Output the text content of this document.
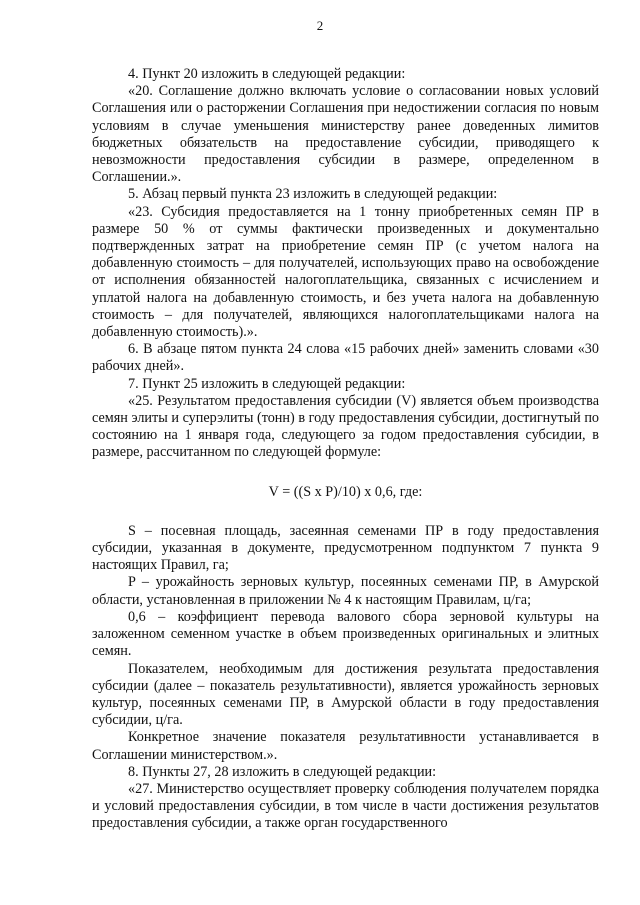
2

4. Пункт 20 изложить в следующей редакции:

«20. Соглашение должно включать условие о согласовании новых условий Соглашения или о расторжении Соглашения при недостижении согласия по новым условиям в случае уменьшения министерству ранее доведенных лимитов бюджетных обязательств на предоставление субсидии, приводящего к невозможности предоставления субсидии в размере, определенном в Соглашении.».

5. Абзац первый пункта 23 изложить в следующей редакции:

«23. Субсидия предоставляется на 1 тонну приобретенных семян ПР в размере 50 % от суммы фактически произведенных и документально подтвержденных затрат на приобретение семян ПР (с учетом налога на добавленную стоимость – для получателей, использующих право на освобождение от исполнения обязанностей налогоплательщика, связанных с исчислением и уплатой налога на добавленную стоимость, и без учета налога на добавленную стоимость – для получателей, являющихся налогоплательщиками налога на добавленную стоимость).».

6. В абзаце пятом пункта 24 слова «15 рабочих дней» заменить словами «30 рабочих дней».

7. Пункт 25 изложить в следующей редакции:

«25. Результатом предоставления субсидии (V) является объем производства семян элиты и суперэлиты (тонн) в году предоставления субсидии, достигнутый по состоянию на 1 января года, следующего за годом предоставления субсидии, в размере, рассчитанном по следующей формуле:

V = ((S x P)/10) x 0,6, где:

S – посевная площадь, засеянная семенами ПР в году предоставления субсидии, указанная в документе, предусмотренном подпунктом 7 пункта 9 настоящих Правил, га;

P – урожайность зерновых культур, посеянных семенами ПР, в Амурской области, установленная в приложении № 4 к настоящим Правилам, ц/га;

0,6 – коэффициент перевода валового сбора зерновой культуры на заложенном семенном участке в объем произведенных оригинальных и элитных семян.

Показателем, необходимым для достижения результата предоставления субсидии (далее – показатель результативности), является урожайность зерновых культур, посеянных семенами ПР, в Амурской области в году предоставления субсидии, ц/га.

Конкретное значение показателя результативности устанавливается в Соглашении министерством.».

8. Пункты 27, 28 изложить в следующей редакции:

«27. Министерство осуществляет проверку соблюдения получателем порядка и условий предоставления субсидии, в том числе в части достижения результатов предоставления субсидии, а также орган государственного
